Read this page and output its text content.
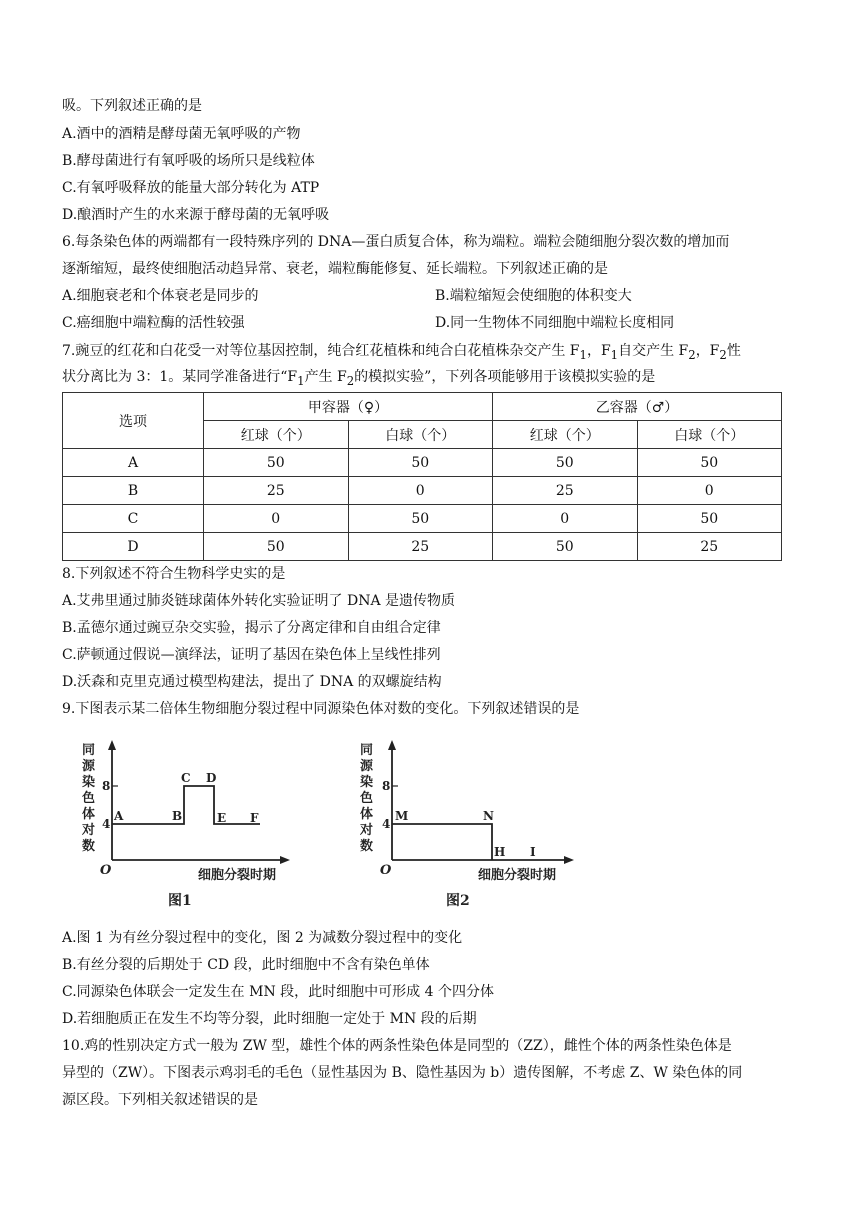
吸。下列叙述正确的是
A.酒中的酒精是酵母菌无氧呼吸的产物
B.酵母菌进行有氧呼吸的场所只是线粒体
C.有氧呼吸释放的能量大部分转化为 ATP
D.酿酒时产生的水来源于酵母菌的无氧呼吸
6.每条染色体的两端都有一段特殊序列的 DNA—蛋白质复合体，称为端粒。端粒会随细胞分裂次数的增加而
逐渐缩短，最终使细胞活动趋异常、衰老，端粒酶能修复、延长端粒。下列叙述正确的是
A.细胞衰老和个体衰老是同步的	B.端粒缩短会使细胞的体积变大
C.癌细胞中端粒酶的活性较强	D.同一生物体不同细胞中端粒长度相同
7.豌豆的红花和白花受一对等位基因控制，纯合红花植株和纯合白花植株杂交产生 $F_1$，$F_1$自交产生 $F_2$，$F_2$性
状分离比为 3：1。某同学准备进行“$F_1$产生 $F_2$的模拟实验”，下列各项能够用于该模拟实验的是
选项	甲容器（♀）		乙容器（♂）	
	红球（个）	白球（个）	红球（个）	白球（个）
A	50	50	50	50
B	25	0	25	0
C	0	50	0	50
D	50	25	50	25
8.下列叙述不符合生物科学史实的是
A.艾弗里通过肺炎链球菌体外转化实验证明了 DNA 是遗传物质
B.孟德尔通过豌豆杂交实验，揭示了分离定律和自由组合定律
C.萨顿通过假说—演绎法，证明了基因在染色体上呈线性排列
D.沃森和克里克通过模型构建法，提出了 DNA 的双螺旋结构
9.下图表示某二倍体生物细胞分裂过程中同源染色体对数的变化。下列叙述错误的是
同
源
染
色
体
对
数
O
8
4
A	B
C D
E F
细胞分裂时期
图1
同
源
染
色
体
对
数
O
8
4
M	N
H I
细胞分裂时期
图2
A.图 1 为有丝分裂过程中的变化，图 2 为减数分裂过程中的变化
B.有丝分裂的后期处于 CD 段，此时细胞中不含有染色单体
C.同源染色体联会一定发生在 MN 段，此时细胞中可形成 4 个四分体
D.若细胞质正在发生不均等分裂，此时细胞一定处于 MN 段的后期
10.鸡的性别决定方式一般为 ZW 型，雄性个体的两条性染色体是同型的（ZZ），雌性个体的两条性染色体是
异型的（ZW）。下图表示鸡羽毛的毛色（显性基因为 B、隐性基因为 b）遗传图解，不考虑 Z、W 染色体的同
源区段。下列相关叙述错误的是
